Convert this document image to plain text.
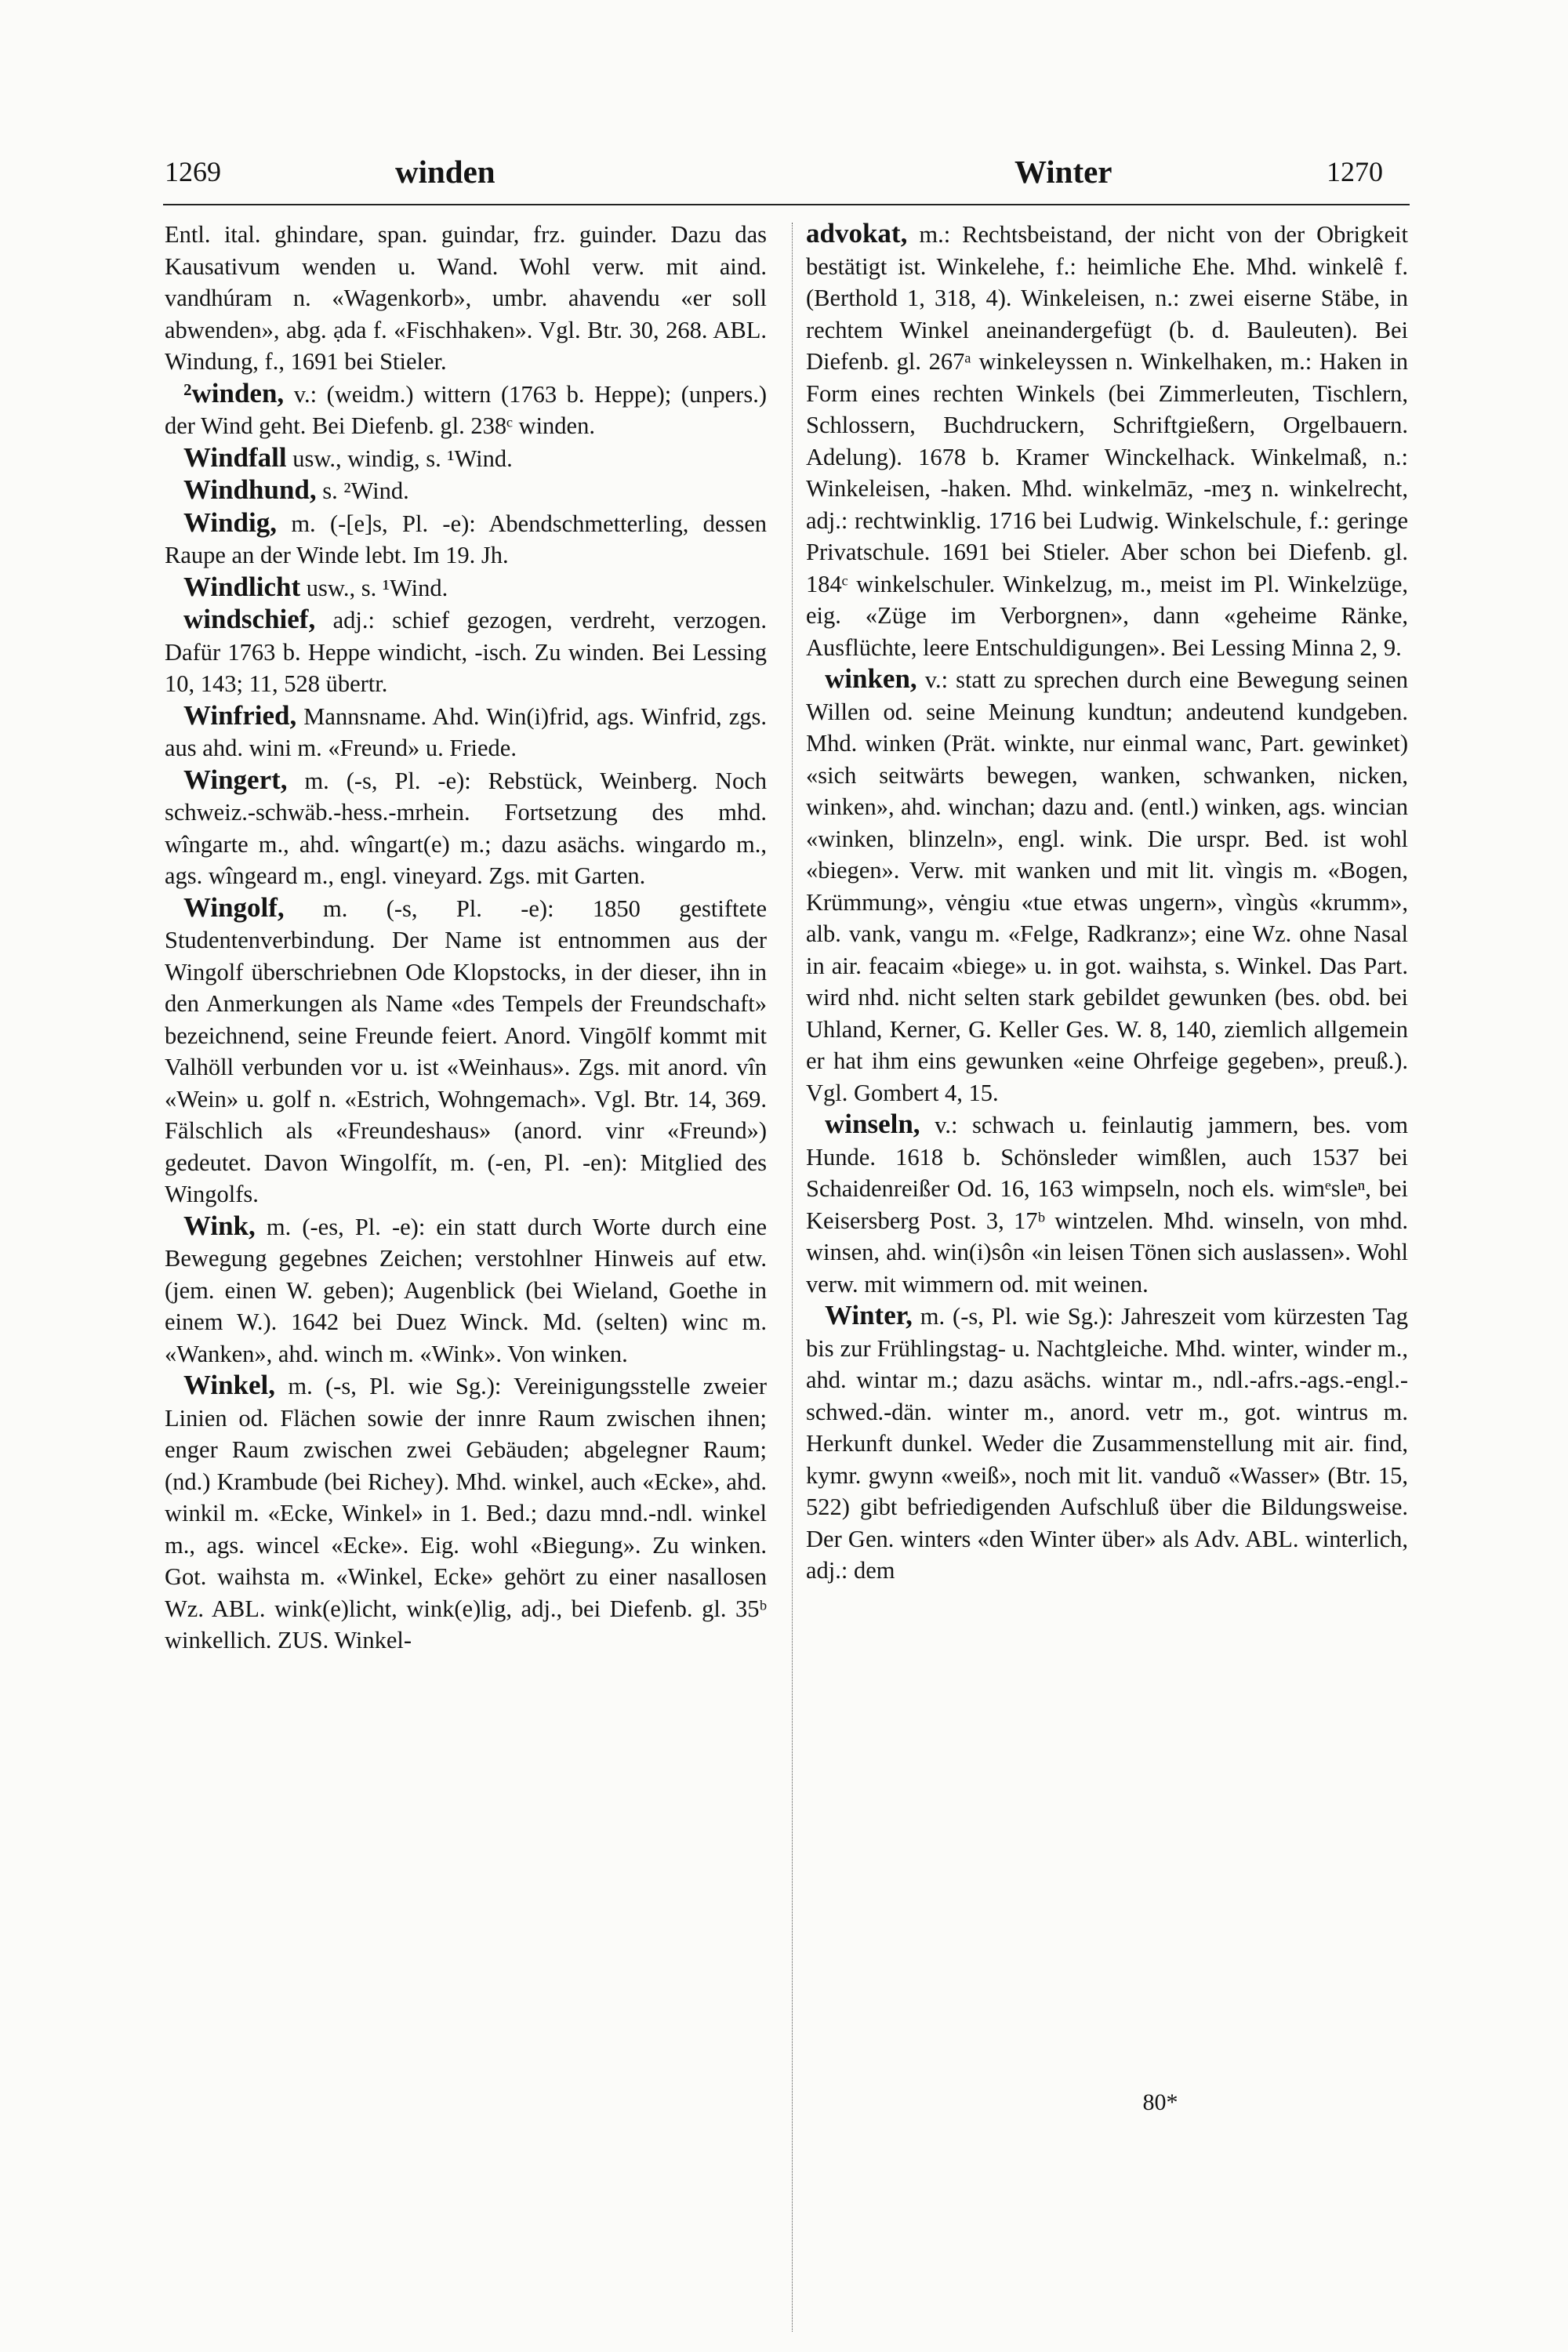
1269	winden	Winter	1270

Entl. ital. ghindare, span. guindar, frz. guinder. Dazu das Kausativum wenden u. Wand. Wohl verw. mit aind. vandhúram n. «Wagenkorb», umbr. ahavendu «er soll abwenden», abg. ạda f. «Fischhaken». Vgl. Btr. 30, 268. ABL. Windung, f., 1691 bei Stieler.

²winden, v.: (weidm.) wittern (1763 b. Heppe); (unpers.) der Wind geht. Bei Diefenb. gl. 238ᶜ winden.

Windfall usw., windig, s. ¹Wind.

Windhund, s. ²Wind.

Windig, m. (-[e]s, Pl. -e): Abendschmetterling, dessen Raupe an der Winde lebt. Im 19. Jh.

Windlicht usw., s. ¹Wind.

windschief, adj.: schief gezogen, verdreht, verzogen. Dafür 1763 b. Heppe windicht, -isch. Zu winden. Bei Lessing 10, 143; 11, 528 übertr.

Winfried, Mannsname. Ahd. Win(i)frid, ags. Winfrid, zgs. aus ahd. wini m. «Freund» u. Friede.

Wingert, m. (-s, Pl. -e): Rebstück, Weinberg. Noch schweiz.-schwäb.-hess.-mrhein. Fortsetzung des mhd. wîngarte m., ahd. wîngart(e) m.; dazu asächs. wingardo m., ags. wîngeard m., engl. vineyard. Zgs. mit Garten.

Wingolf, m. (-s, Pl. -e): 1850 gestiftete Studentenverbindung. Der Name ist entnommen aus der Wingolf überschriebnen Ode Klopstocks, in der dieser, ihn in den Anmerkungen als Name «des Tempels der Freundschaft» bezeichnend, seine Freunde feiert. Anord. Vingōlf kommt mit Valhöll verbunden vor u. ist «Weinhaus». Zgs. mit anord. vîn «Wein» u. golf n. «Estrich, Wohngemach». Vgl. Btr. 14, 369. Fälschlich als «Freundeshaus» (anord. vinr «Freund») gedeutet. Davon Wingolfít, m. (-en, Pl. -en): Mitglied des Wingolfs.

Wink, m. (-es, Pl. -e): ein statt durch Worte durch eine Bewegung gegebnes Zeichen; verstohlner Hinweis auf etw. (jem. einen W. geben); Augenblick (bei Wieland, Goethe in einem W.). 1642 bei Duez Winck. Md. (selten) winc m. «Wanken», ahd. winch m. «Wink». Von winken.

Winkel, m. (-s, Pl. wie Sg.): Vereinigungsstelle zweier Linien od. Flächen sowie der innre Raum zwischen ihnen; enger Raum zwischen zwei Gebäuden; abgelegner Raum; (nd.) Krambude (bei Richey). Mhd. winkel, auch «Ecke», ahd. winkil m. «Ecke, Winkel» in 1. Bed.; dazu mnd.-ndl. winkel m., ags. wincel «Ecke». Eig. wohl «Biegung». Zu winken. Got. waihsta m. «Winkel, Ecke» gehört zu einer nasallosen Wz. ABL. wink(e)licht, wink(e)lig, adj., bei Diefenb. gl. 35ᵇ winkellich. ZUS. Winkel-

advokat, m.: Rechtsbeistand, der nicht von der Obrigkeit bestätigt ist. Winkelehe, f.: heimliche Ehe. Mhd. winkelê f. (Berthold 1, 318, 4). Winkeleisen, n.: zwei eiserne Stäbe, in rechtem Winkel aneinandergefügt (b. d. Bauleuten). Bei Diefenb. gl. 267ᵃ winkeleyssen n. Winkelhaken, m.: Haken in Form eines rechten Winkels (bei Zimmerleuten, Tischlern, Schlossern, Buchdruckern, Schriftgießern, Orgelbauern. Adelung). 1678 b. Kramer Winckelhack. Winkelmaß, n.: Winkeleisen, -haken. Mhd. winkelmāz, -meʒ n. winkelrecht, adj.: rechtwinklig. 1716 bei Ludwig. Winkelschule, f.: geringe Privatschule. 1691 bei Stieler. Aber schon bei Diefenb. gl. 184ᶜ winkelschuler. Winkelzug, m., meist im Pl. Winkelzüge, eig. «Züge im Verborgnen», dann «geheime Ränke, Ausflüchte, leere Entschuldigungen». Bei Lessing Minna 2, 9.

winken, v.: statt zu sprechen durch eine Bewegung seinen Willen od. seine Meinung kundtun; andeutend kundgeben. Mhd. winken (Prät. winkte, nur einmal wanc, Part. gewinket) «sich seitwärts bewegen, wanken, schwanken, nicken, winken», ahd. winchan; dazu and. (entl.) winken, ags. wincian «winken, blinzeln», engl. wink. Die urspr. Bed. ist wohl «biegen». Verw. mit wanken und mit lit. vìngis m. «Bogen, Krümmung», vėngiu «tue etwas ungern», vìngùs «krumm», alb. vank, vangu m. «Felge, Radkranz»; eine Wz. ohne Nasal in air. feacaim «biege» u. in got. waihsta, s. Winkel. Das Part. wird nhd. nicht selten stark gebildet gewunken (bes. obd. bei Uhland, Kerner, G. Keller Ges. W. 8, 140, ziemlich allgemein er hat ihm eins gewunken «eine Ohrfeige gegeben», preuß.). Vgl. Gombert 4, 15.

winseln, v.: schwach u. feinlautig jammern, bes. vom Hunde. 1618 b. Schönsleder wimßlen, auch 1537 bei Schaidenreißer Od. 16, 163 wimpseln, noch els. wimᵉsleⁿ, bei Keisersberg Post. 3, 17ᵇ wintzelen. Mhd. winseln, von mhd. winsen, ahd. win(i)sôn «in leisen Tönen sich auslassen». Wohl verw. mit wimmern od. mit weinen.

Winter, m. (-s, Pl. wie Sg.): Jahreszeit vom kürzesten Tag bis zur Frühlingstag- u. Nachtgleiche. Mhd. winter, winder m., ahd. wintar m.; dazu asächs. wintar m., ndl.-afrs.-ags.-engl.-schwed.-dän. winter m., anord. vetr m., got. wintrus m. Herkunft dunkel. Weder die Zusammenstellung mit air. find, kymr. gwynn «weiß», noch mit lit. vanduõ «Wasser» (Btr. 15, 522) gibt befriedigenden Aufschluß über die Bildungsweise. Der Gen. winters «den Winter über» als Adv. ABL. winterlich, adj.: dem

80*
